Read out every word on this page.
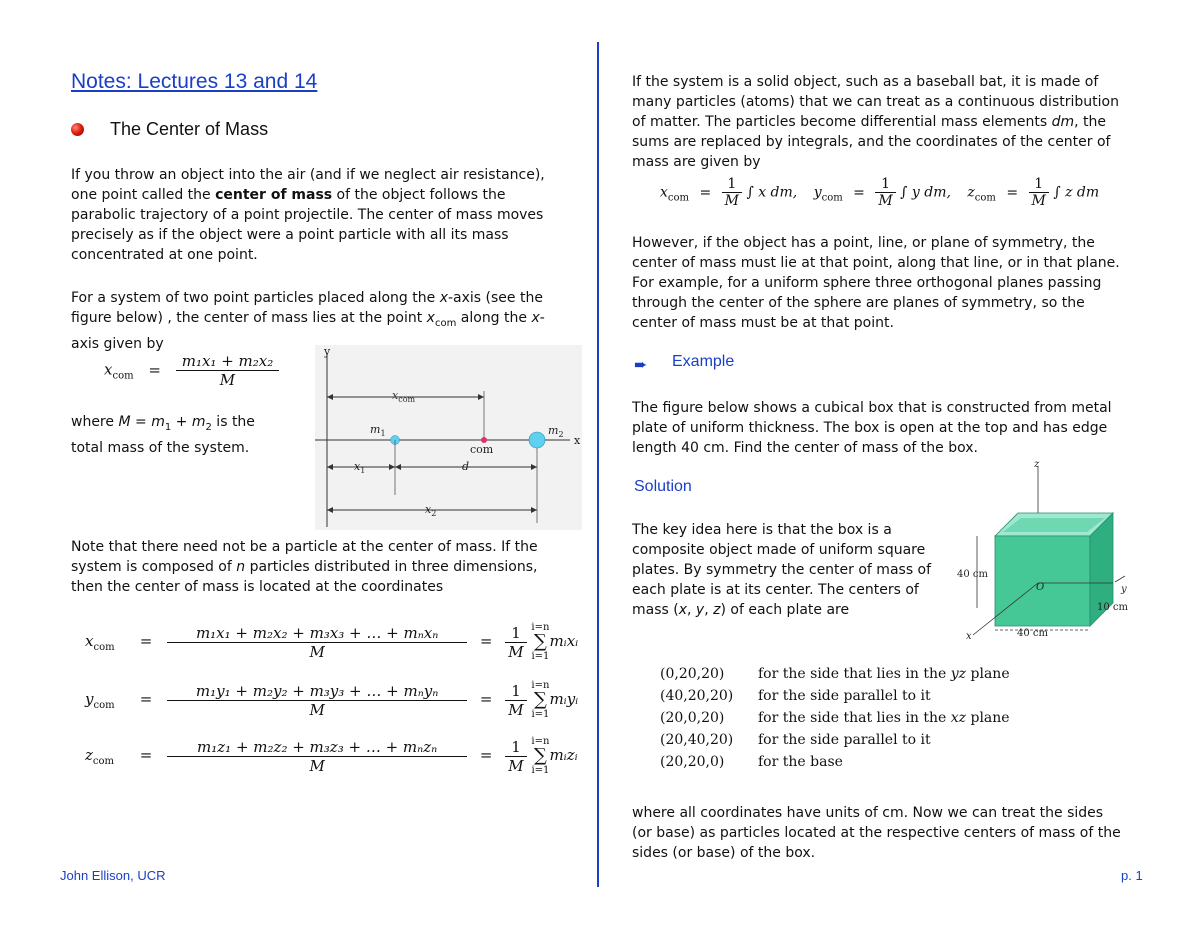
Notes: Lectures 13 and 14
The Center of Mass
If you throw an object into the air (and if we neglect air resistance),
one point called the center of mass of the object follows the
parabolic trajectory of a point projectile. The center of mass moves
precisely as if the object were a point particle with all its mass
concentrated at one point.
For a system of two point particles placed along the x-axis (see the
figure below) , the center of mass lies at the point $x_{com}$ along the x-
axis given by
$x_{com} = \frac{\text{m₁x₁ + m₂x₂}}{M}$
where $M = m_1 + m_2$ is the
total mass of the system.
y
x
$x_{com}$
$m_1$	$m_2$
com
$x_1$	d
$x_2$
Note that there need not be a particle at the center of mass. If the
system is composed of n particles distributed in three dimensions,
then the center of mass is located at the coordinates
$x_{com} = \frac{\text{m₁x₁ + m₂x₂ + m₃x₃ + … + mₙxₙ}}{M} = \frac{1}{M}$
i=n
∑
i=1
mᵢxᵢ
$y_{com} = \frac{\text{m₁y₁ + m₂y₂ + m₃y₃ + … + mₙyₙ}}{M} = \frac{1}{M}$
i=n
∑
i=1
mᵢyᵢ
$z_{com} = \frac{\text{m₁z₁ + m₂z₂ + m₃z₃ + … + mₙzₙ}}{M} = \frac{1}{M}$
i=n
∑
i=1
mᵢzᵢ
If the system is a solid object, such as a baseball bat, it is made of
many particles (atoms) that we can treat as a continuous distribution
of matter. The particles become differential mass elements dm, the
sums are replaced by integrals, and the coordinates of the center of
mass are given by
$x_{com} = \frac{1}{M}$ ∫ x dm, $y_{com} = \frac{1}{M}$ ∫ y dm, $z_{com} = \frac{1}{M}$ ∫ z dm
However, if the object has a point, line, or plane of symmetry, the
center of mass must lie at that point, along that line, or in that plane.
For example, for a uniform sphere three orthogonal planes passing
through the center of the sphere are planes of symmetry, so the
center of mass must be at that point.
➨ Example
The figure below shows a cubical box that is constructed from metal
plate of uniform thickness. The box is open at the top and has edge
length 40 cm. Find the center of mass of the box.
Solution
The key idea here is that the box is a
composite object made of uniform square
plates. By symmetry the center of mass of
each plate is at its center. The centers of
mass (x, y, z) of each plate are
z
y
x
O
40 cm
40 cm
10 cm
(0,20,20) for the side that lies in the yz plane
(40,20,20) for the side parallel to it
(20,0,20) for the side that lies in the xz plane
(20,40,20) for the side parallel to it
(20,20,0) for the base
where all coordinates have units of cm. Now we can treat the sides
(or base) as particles located at the respective centers of mass of the
sides (or base) of the box.
John Ellison, UCR	p. 1
